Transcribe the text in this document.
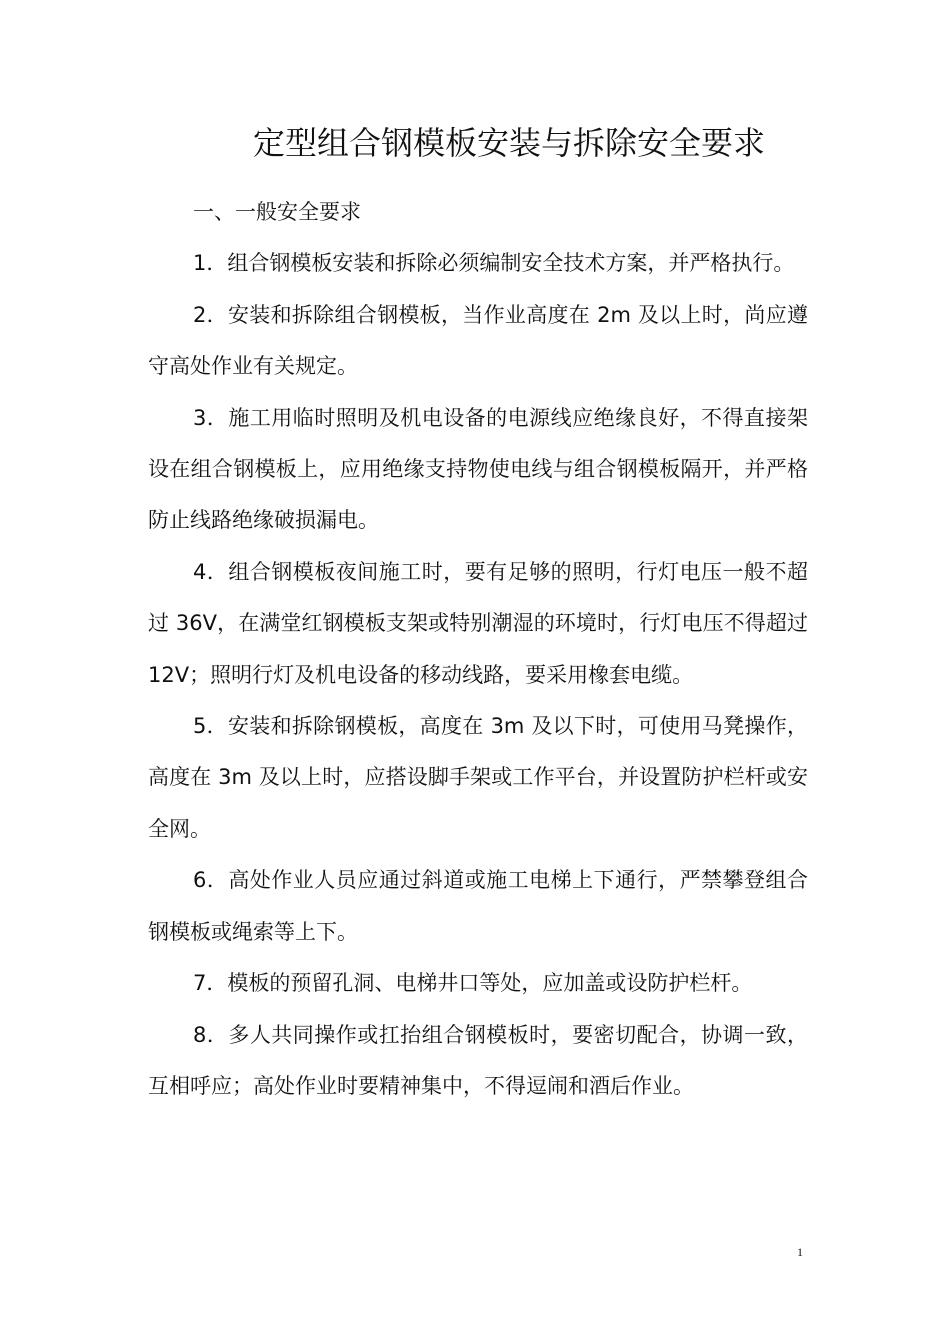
定型组合钢模板安装与拆除安全要求

一、一般安全要求

1．组合钢模板安装和拆除必须编制安全技术方案，并严格执行。

2．安装和拆除组合钢模板，当作业高度在 2m 及以上时，尚应遵守高处作业有关规定。

3．施工用临时照明及机电设备的电源线应绝缘良好，不得直接架设在组合钢模板上，应用绝缘支持物使电线与组合钢模板隔开，并严格防止线路绝缘破损漏电。

4．组合钢模板夜间施工时，要有足够的照明，行灯电压一般不超过 36V，在满堂红钢模板支架或特别潮湿的环境时，行灯电压不得超过 12V；照明行灯及机电设备的移动线路，要采用橡套电缆。

5．安装和拆除钢模板，高度在 3m 及以下时，可使用马凳操作，高度在 3m 及以上时，应搭设脚手架或工作平台，并设置防护栏杆或安全网。

6．高处作业人员应通过斜道或施工电梯上下通行，严禁攀登组合钢模板或绳索等上下。

7．模板的预留孔洞、电梯井口等处，应加盖或设防护栏杆。

8．多人共同操作或扛抬组合钢模板时，要密切配合，协调一致，互相呼应；高处作业时要精神集中，不得逗闹和酒后作业。

1
